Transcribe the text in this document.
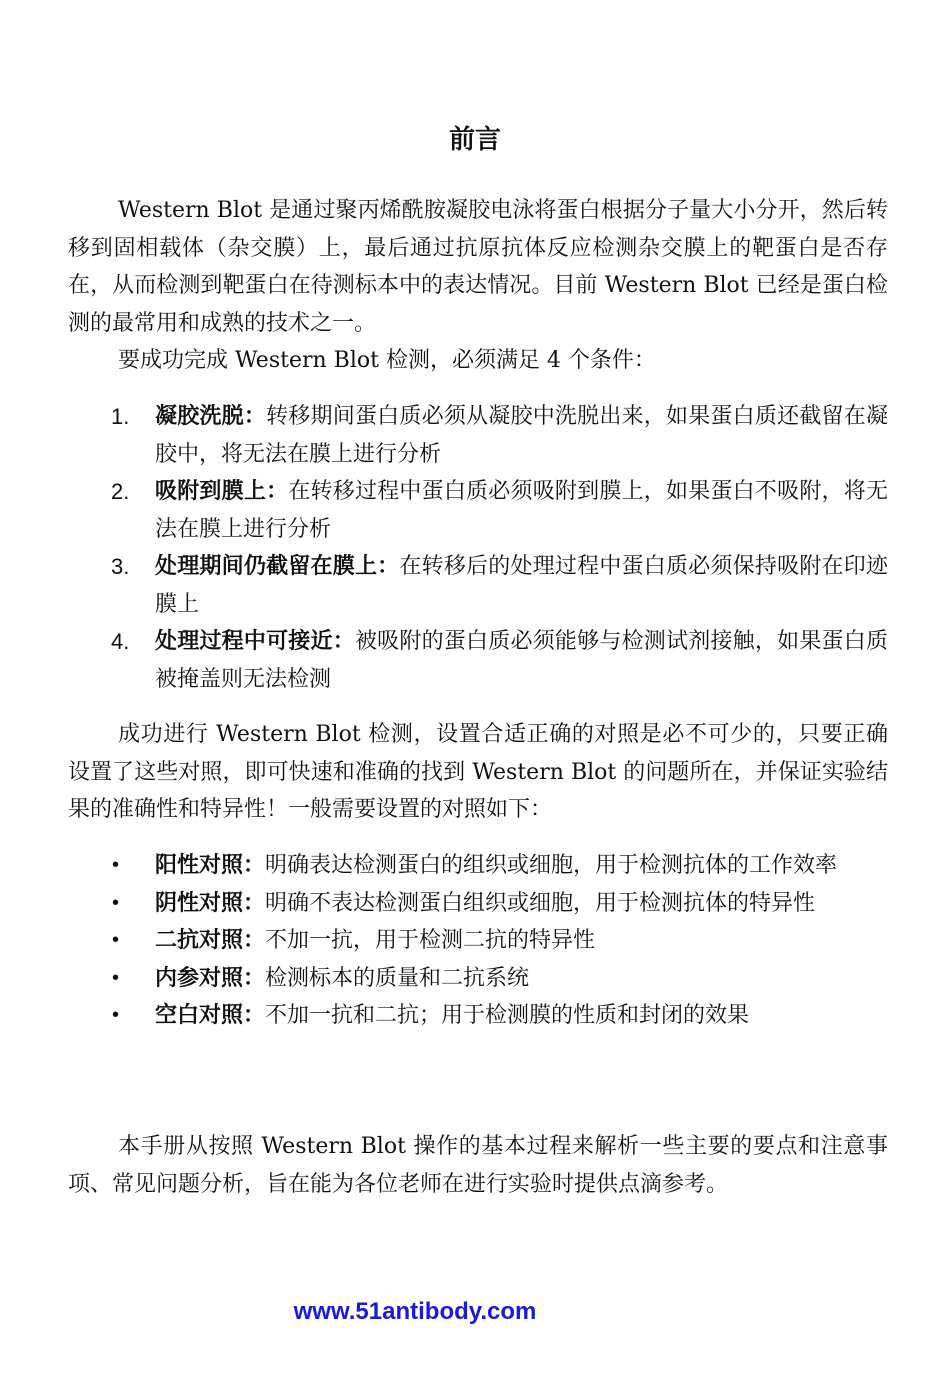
前言

Western Blot 是通过聚丙烯酰胺凝胶电泳将蛋白根据分子量大小分开，然后转移到固相载体（杂交膜）上，最后通过抗原抗体反应检测杂交膜上的靶蛋白是否存在，从而检测到靶蛋白在待测标本中的表达情况。目前 Western Blot 已经是蛋白检测的最常用和成熟的技术之一。

要成功完成 Western Blot 检测，必须满足 4 个条件：

1. 凝胶洗脱：转移期间蛋白质必须从凝胶中洗脱出来，如果蛋白质还截留在凝胶中，将无法在膜上进行分析
2. 吸附到膜上：在转移过程中蛋白质必须吸附到膜上，如果蛋白不吸附，将无法在膜上进行分析
3. 处理期间仍截留在膜上：在转移后的处理过程中蛋白质必须保持吸附在印迹膜上
4. 处理过程中可接近：被吸附的蛋白质必须能够与检测试剂接触，如果蛋白质被掩盖则无法检测

成功进行 Western Blot 检测，设置合适正确的对照是必不可少的，只要正确设置了这些对照，即可快速和准确的找到 Western Blot 的问题所在，并保证实验结果的准确性和特异性！一般需要设置的对照如下：

• 阳性对照：明确表达检测蛋白的组织或细胞，用于检测抗体的工作效率
• 阴性对照：明确不表达检测蛋白组织或细胞，用于检测抗体的特异性
• 二抗对照：不加一抗，用于检测二抗的特异性
• 内参对照：检测标本的质量和二抗系统
• 空白对照：不加一抗和二抗；用于检测膜的性质和封闭的效果

本手册从按照 Western Blot 操作的基本过程来解析一些主要的要点和注意事项、常见问题分析，旨在能为各位老师在进行实验时提供点滴参考。

www.51antibody.com
